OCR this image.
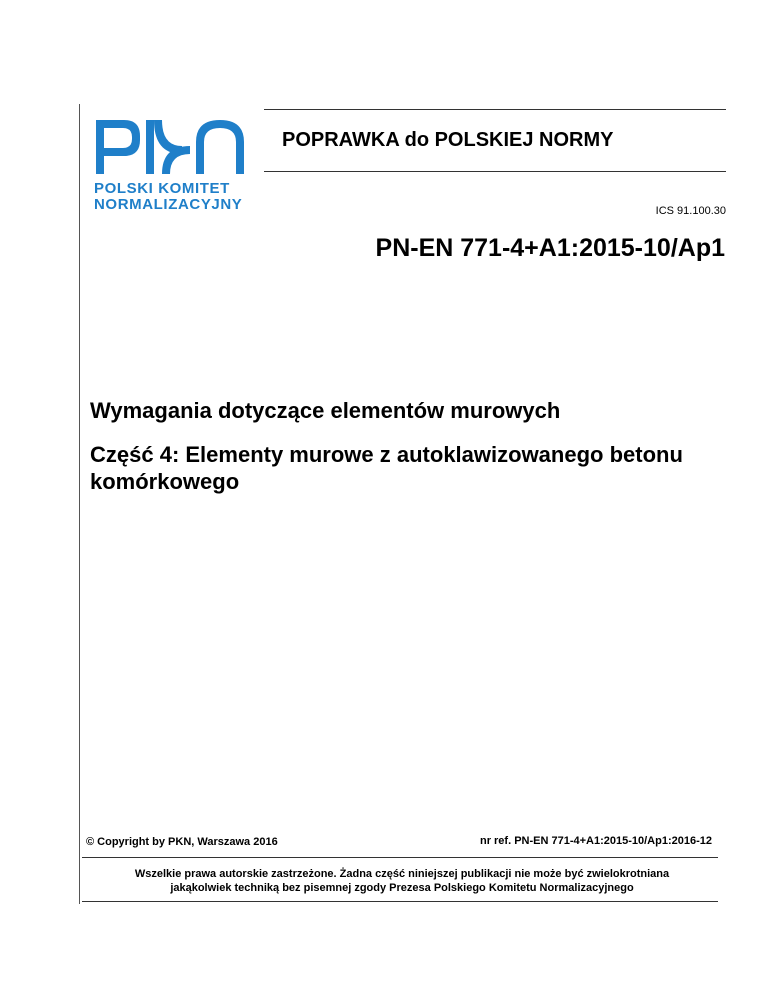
POLSKI KOMITET
NORMALIZACYJNY
POPRAWKA do POLSKIEJ NORMY
ICS 91.100.30
PN-EN 771-4+A1:2015-10/Ap1
Wymagania dotyczące elementów murowych
Część 4: Elementy murowe z autoklawizowanego betonu komórkowego
© Copyright by PKN, Warszawa 2016	nr ref. PN-EN 771-4+A1:2015-10/Ap1:2016-12
Wszelkie prawa autorskie zastrzeżone. Żadna część niniejszej publikacji nie może być zwielokrotniana
jakąkolwiek techniką bez pisemnej zgody Prezesa Polskiego Komitetu Normalizacyjnego
